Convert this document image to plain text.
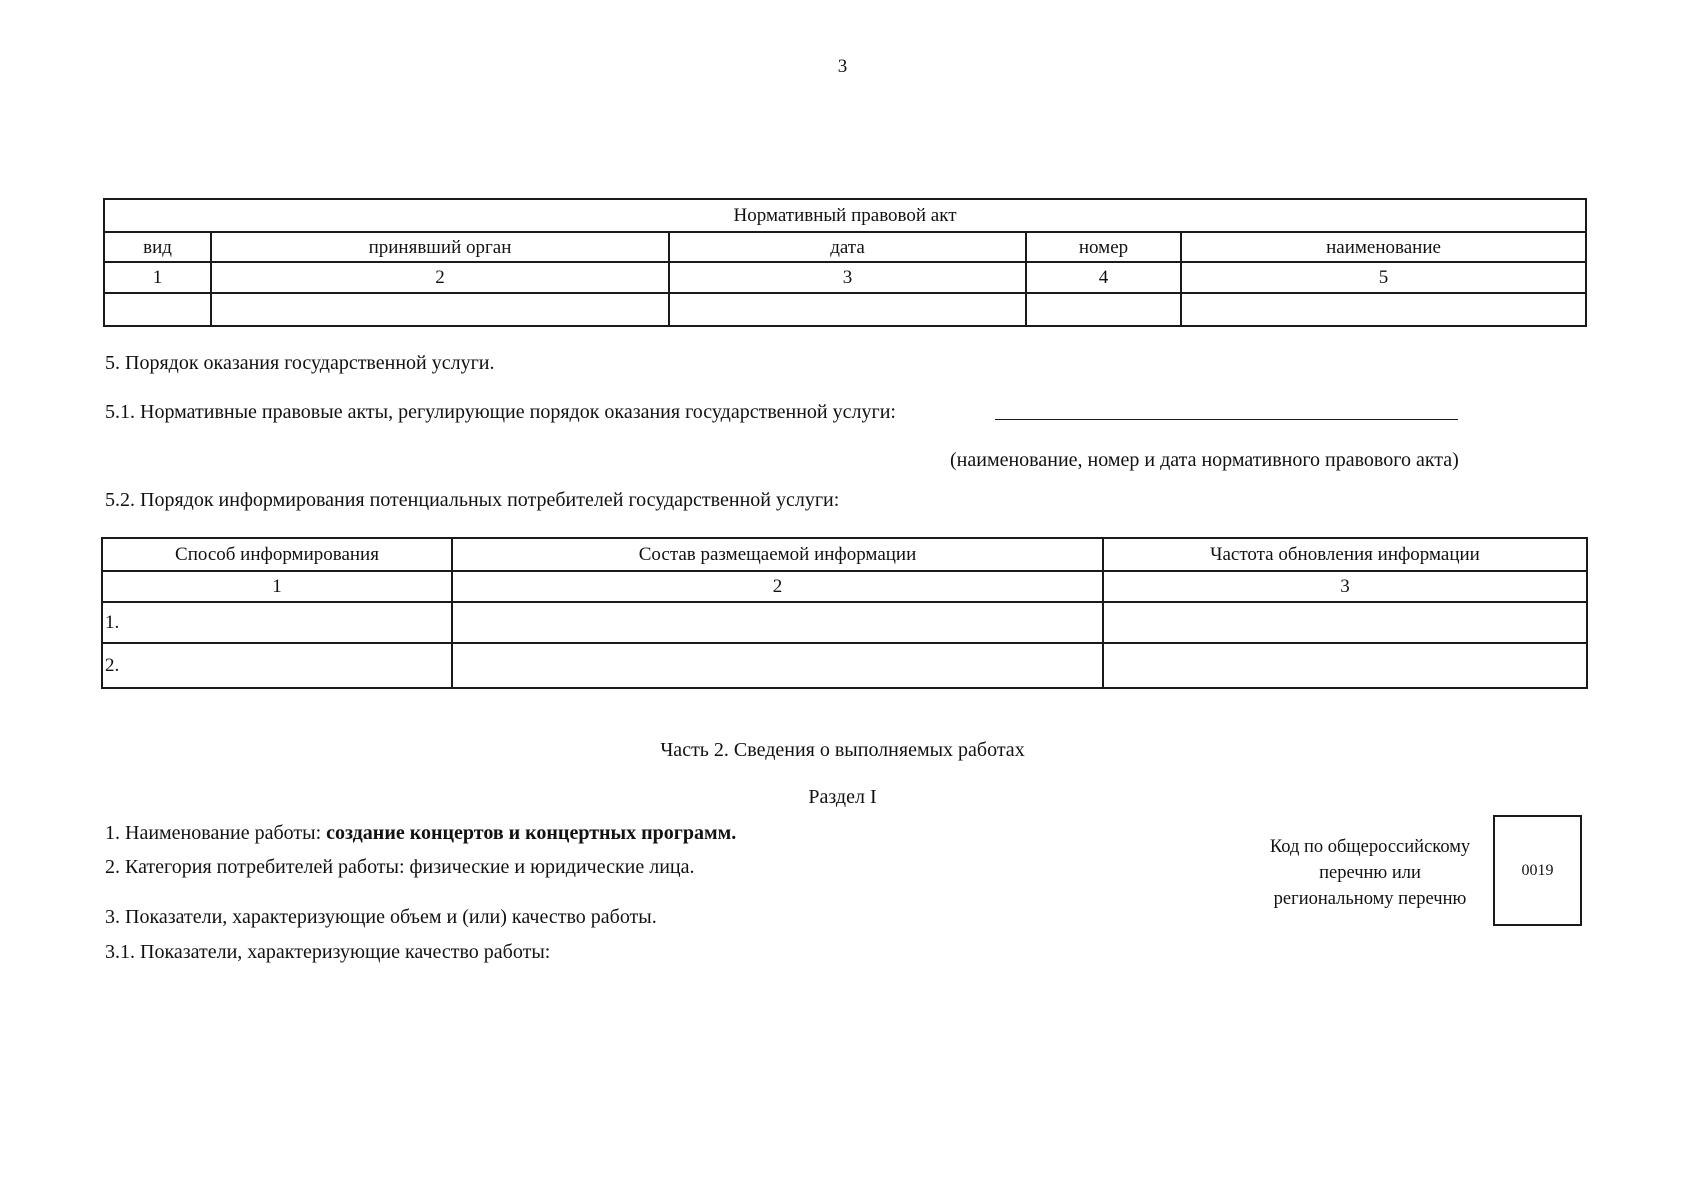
3
Нормативный правовой акт				
вид	принявший орган	дата	номер	наименование
1	2	3	4	5

5. Порядок оказания государственной услуги.
5.1. Нормативные правовые акты, регулирующие порядок оказания государственной услуги:
(наименование, номер и дата нормативного правового акта)
5.2. Порядок информирования потенциальных потребителей государственной услуги:
Способ информирования	Состав размещаемой информации	Частота обновления информации
1	2	3
1.		
2.		
Часть 2. Сведения о выполняемых работах
Раздел I
1. Наименование работы: создание концертов и концертных программ.
2. Категория потребителей работы: физические и юридические лица.
3. Показатели, характеризующие объем и (или) качество работы.
3.1. Показатели, характеризующие качество работы:
Код по общероссийскому
перечню или
региональному перечню
0019
